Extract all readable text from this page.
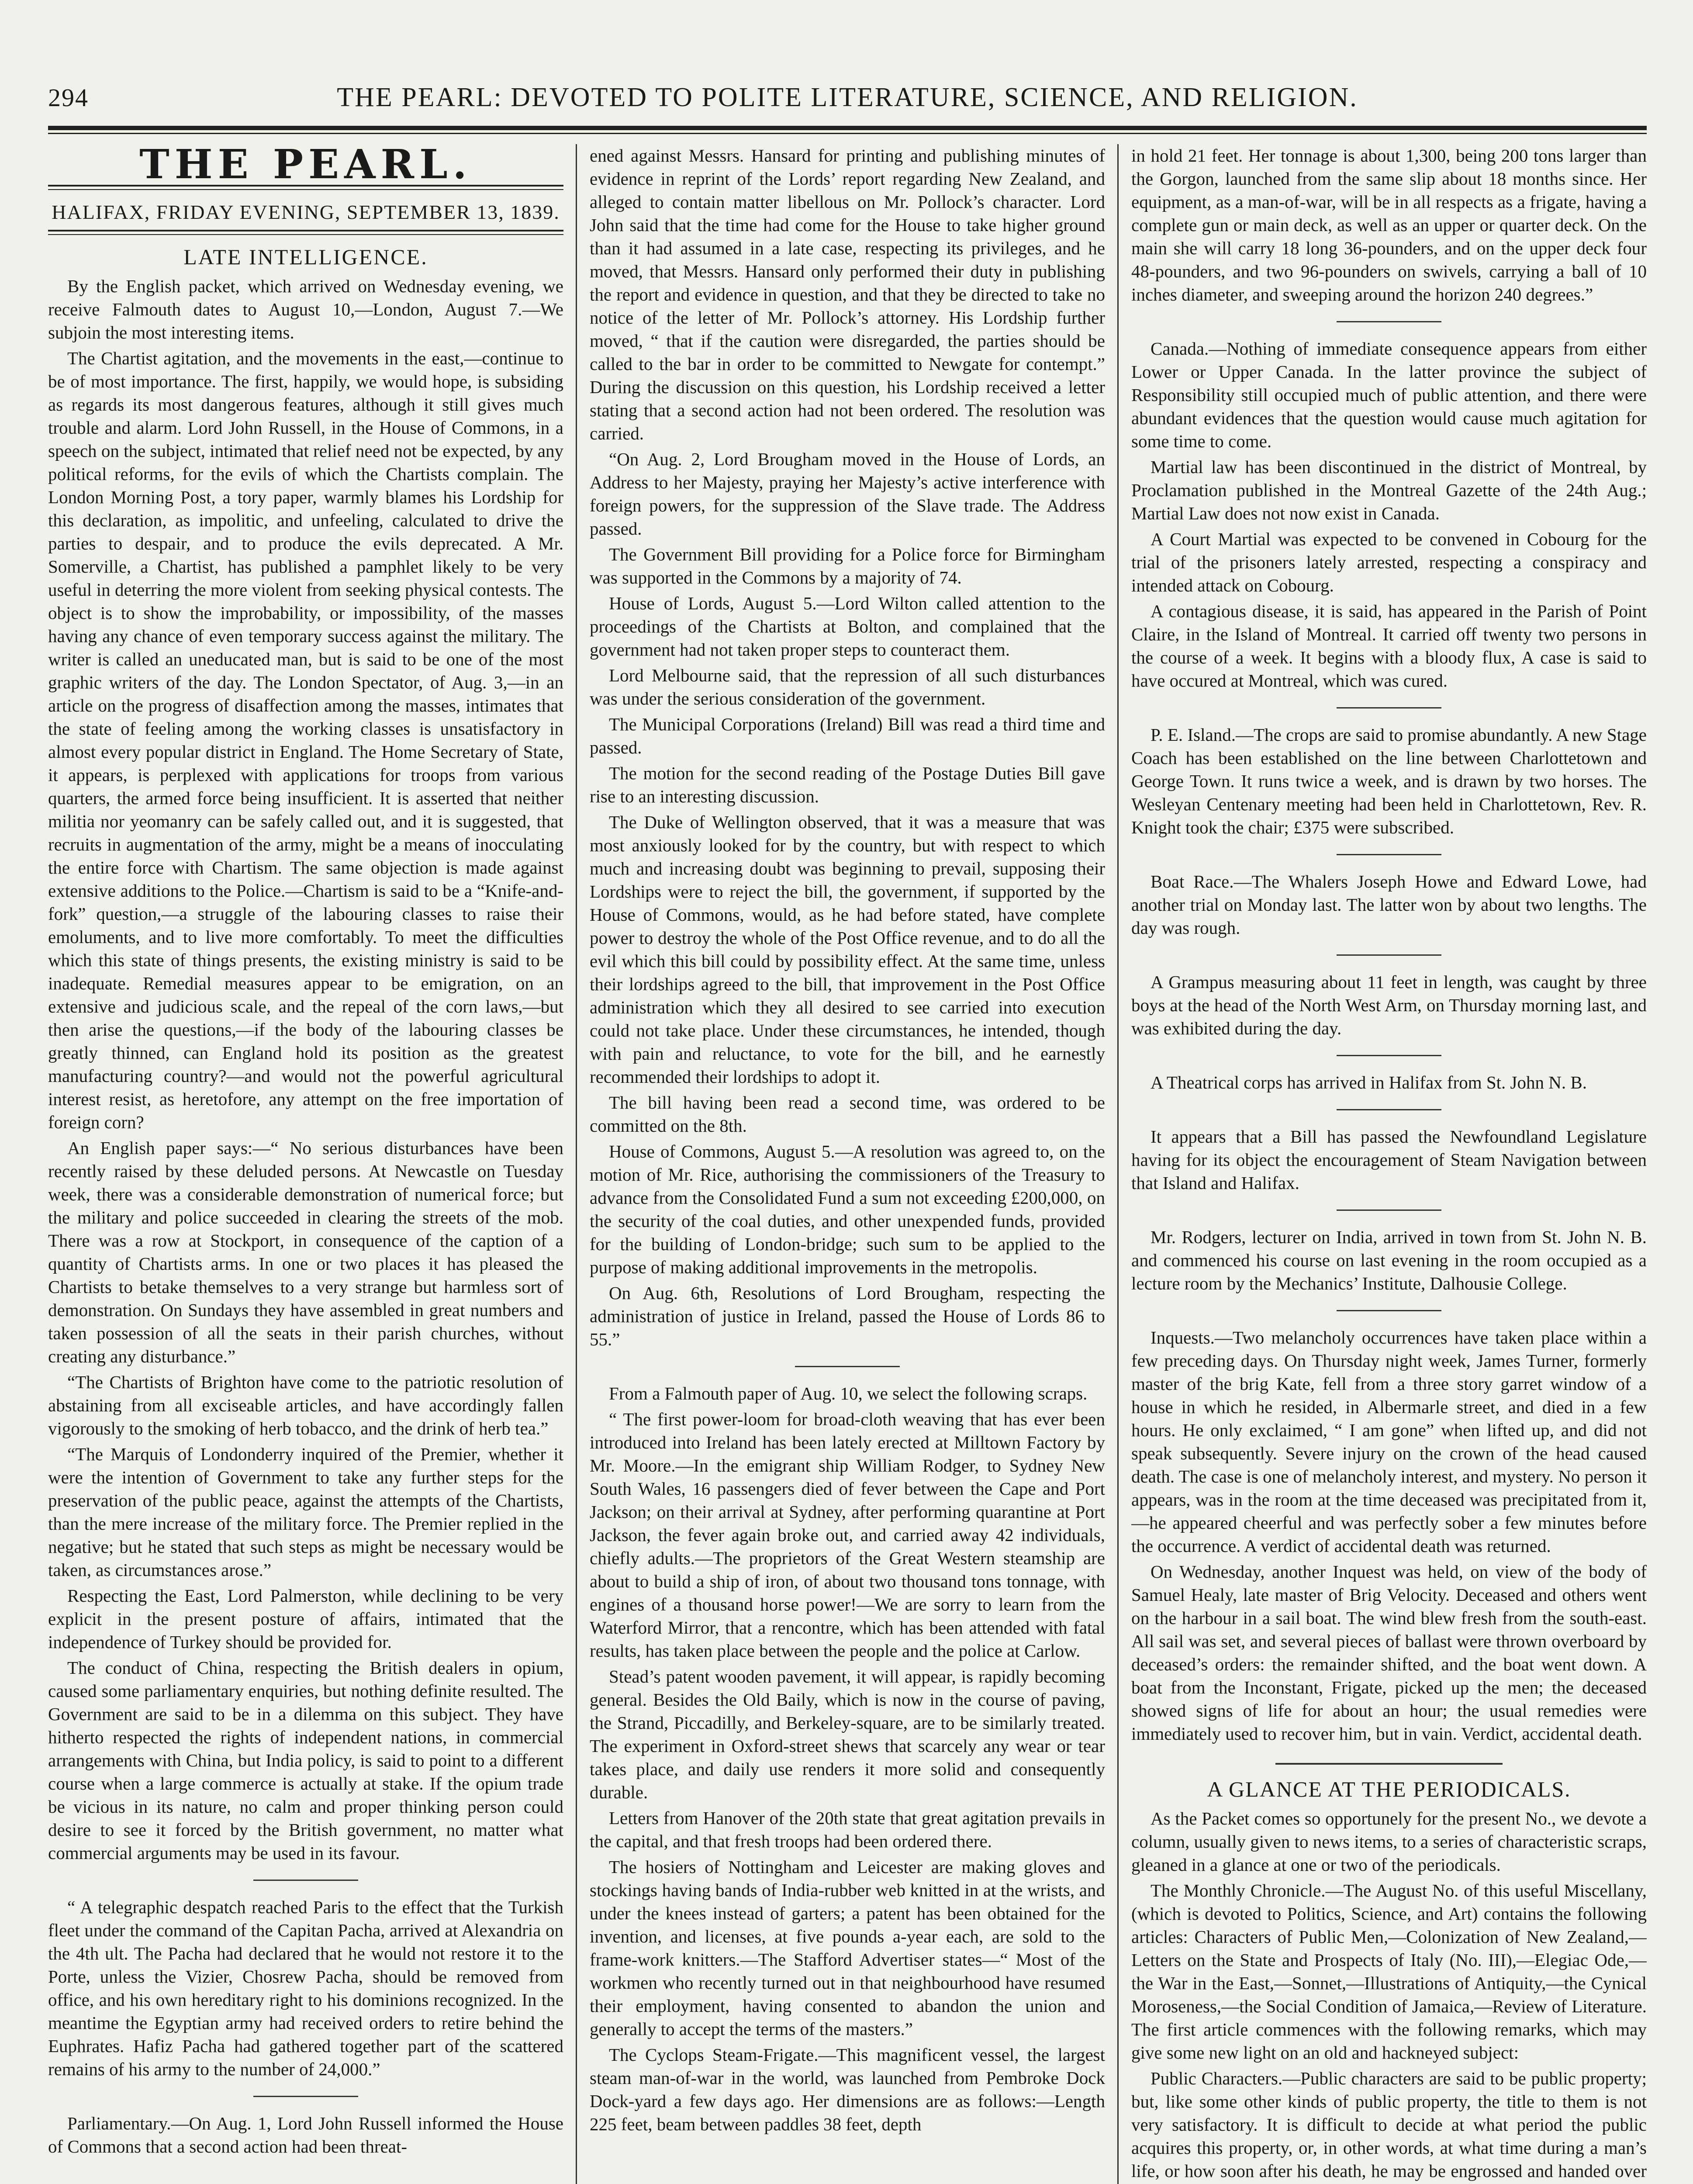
294	THE PEARL: DEVOTED TO POLITE LITERATURE, SCIENCE, AND RELIGION.
THE PEARL.
HALIFAX, FRIDAY EVENING, SEPTEMBER 13, 1839.
LATE INTELLIGENCE.

By the English packet, which arrived on Wednesday evening, we receive Falmouth dates to August 10,—London, August 7.—We subjoin the most interesting items.

The Chartist agitation, and the movements in the east,—continue to be of most importance. The first, happily, we would hope, is subsiding as regards its most dangerous features, although it still gives much trouble and alarm. Lord John Russell, in the House of Commons, in a speech on the subject, intimated that relief need not be expected, by any political reforms, for the evils of which the Chartists complain. The London Morning Post, a tory paper, warmly blames his Lordship for this declaration, as impolitic, and unfeeling, calculated to drive the parties to despair, and to produce the evils deprecated. A Mr. Somerville, a Chartist, has published a pamphlet likely to be very useful in deterring the more violent from seeking physical contests. The object is to show the improbability, or impossibility, of the masses having any chance of even temporary success against the military. The writer is called an uneducated man, but is said to be one of the most graphic writers of the day. The London Spectator, of Aug. 3,—in an article on the progress of disaffection among the masses, intimates that the state of feeling among the working classes is unsatisfactory in almost every popular district in England. The Home Secretary of State, it appears, is perplexed with applications for troops from various quarters, the armed force being insufficient. It is asserted that neither militia nor yeomanry can be safely called out, and it is suggested, that recruits in augmentation of the army, might be a means of inocculating the entire force with Chartism. The same objection is made against extensive additions to the Police.—Chartism is said to be a “Knife-and-fork” question,—a struggle of the labouring classes to raise their emoluments, and to live more comfortably. To meet the difficulties which this state of things presents, the existing ministry is said to be inadequate. Remedial measures appear to be emigration, on an extensive and judicious scale, and the repeal of the corn laws,—but then arise the questions,—if the body of the labouring classes be greatly thinned, can England hold its position as the greatest manufacturing country?—and would not the powerful agricultural interest resist, as heretofore, any attempt on the free importation of foreign corn?

An English paper says:—“ No serious disturbances have been recently raised by these deluded persons. At Newcastle on Tuesday week, there was a considerable demonstration of numerical force; but the military and police succeeded in clearing the streets of the mob. There was a row at Stockport, in consequence of the caption of a quantity of Chartists arms. In one or two places it has pleased the Chartists to betake themselves to a very strange but harmless sort of demonstration. On Sundays they have assembled in great numbers and taken possession of all the seats in their parish churches, without creating any disturbance.”

“The Chartists of Brighton have come to the patriotic resolution of abstaining from all exciseable articles, and have accordingly fallen vigorously to the smoking of herb tobacco, and the drink of herb tea.”

“The Marquis of Londonderry inquired of the Premier, whether it were the intention of Government to take any further steps for the preservation of the public peace, against the attempts of the Chartists, than the mere increase of the military force. The Premier replied in the negative; but he stated that such steps as might be necessary would be taken, as circumstances arose.”

Respecting the East, Lord Palmerston, while declining to be very explicit in the present posture of affairs, intimated that the independence of Turkey should be provided for.

The conduct of China, respecting the British dealers in opium, caused some parliamentary enquiries, but nothing definite resulted. The Government are said to be in a dilemma on this subject. They have hitherto respected the rights of independent nations, in commercial arrangements with China, but India policy, is said to point to a different course when a large commerce is actually at stake. If the opium trade be vicious in its nature, no calm and proper thinking person could desire to see it forced by the British government, no matter what commercial arguments may be used in its favour.

“ A telegraphic despatch reached Paris to the effect that the Turkish fleet under the command of the Capitan Pacha, arrived at Alexandria on the 4th ult. The Pacha had declared that he would not restore it to the Porte, unless the Vizier, Chosrew Pacha, should be removed from office, and his own hereditary right to his dominions recognized. In the meantime the Egyptian army had received orders to retire behind the Euphrates. Hafiz Pacha had gathered together part of the scattered remains of his army to the number of 24,000.”

Parliamentary.—On Aug. 1, Lord John Russell informed the House of Commons that a second action had been threat-

ened against Messrs. Hansard for printing and publishing minutes of evidence in reprint of the Lords’ report regarding New Zealand, and alleged to contain matter libellous on Mr. Pollock’s character. Lord John said that the time had come for the House to take higher ground than it had assumed in a late case, respecting its privileges, and he moved, that Messrs. Hansard only performed their duty in publishing the report and evidence in question, and that they be directed to take no notice of the letter of Mr. Pollock’s attorney. His Lordship further moved, “ that if the caution were disregarded, the parties should be called to the bar in order to be committed to Newgate for contempt.” During the discussion on this question, his Lordship received a letter stating that a second action had not been ordered. The resolution was carried.

“On Aug. 2, Lord Brougham moved in the House of Lords, an Address to her Majesty, praying her Majesty’s active interference with foreign powers, for the suppression of the Slave trade. The Address passed.

The Government Bill providing for a Police force for Birmingham was supported in the Commons by a majority of 74.

House of Lords, August 5.—Lord Wilton called attention to the proceedings of the Chartists at Bolton, and complained that the government had not taken proper steps to counteract them.

Lord Melbourne said, that the repression of all such disturbances was under the serious consideration of the government.

The Municipal Corporations (Ireland) Bill was read a third time and passed.

The motion for the second reading of the Postage Duties Bill gave rise to an interesting discussion.

The Duke of Wellington observed, that it was a measure that was most anxiously looked for by the country, but with respect to which much and increasing doubt was beginning to prevail, supposing their Lordships were to reject the bill, the government, if supported by the House of Commons, would, as he had before stated, have complete power to destroy the whole of the Post Office revenue, and to do all the evil which this bill could by possibility effect. At the same time, unless their lordships agreed to the bill, that improvement in the Post Office administration which they all desired to see carried into execution could not take place. Under these circumstances, he intended, though with pain and reluctance, to vote for the bill, and he earnestly recommended their lordships to adopt it.

The bill having been read a second time, was ordered to be committed on the 8th.

House of Commons, August 5.—A resolution was agreed to, on the motion of Mr. Rice, authorising the commissioners of the Treasury to advance from the Consolidated Fund a sum not exceeding £200,000, on the security of the coal duties, and other unexpended funds, provided for the building of London-bridge; such sum to be applied to the purpose of making additional improvements in the metropolis.

On Aug. 6th, Resolutions of Lord Brougham, respecting the administration of justice in Ireland, passed the House of Lords 86 to 55.”

From a Falmouth paper of Aug. 10, we select the following scraps.

“ The first power-loom for broad-cloth weaving that has ever been introduced into Ireland has been lately erected at Milltown Factory by Mr. Moore.—In the emigrant ship William Rodger, to Sydney New South Wales, 16 passengers died of fever between the Cape and Port Jackson; on their arrival at Sydney, after performing quarantine at Port Jackson, the fever again broke out, and carried away 42 individuals, chiefly adults.—The proprietors of the Great Western steamship are about to build a ship of iron, of about two thousand tons tonnage, with engines of a thousand horse power!—We are sorry to learn from the Waterford Mirror, that a rencontre, which has been attended with fatal results, has taken place between the people and the police at Carlow.

Stead’s patent wooden pavement, it will appear, is rapidly becoming general. Besides the Old Baily, which is now in the course of paving, the Strand, Piccadilly, and Berkeley-square, are to be similarly treated. The experiment in Oxford-street shews that scarcely any wear or tear takes place, and daily use renders it more solid and consequently durable.

Letters from Hanover of the 20th state that great agitation prevails in the capital, and that fresh troops had been ordered there.

The hosiers of Nottingham and Leicester are making gloves and stockings having bands of India-rubber web knitted in at the wrists, and under the knees instead of garters; a patent has been obtained for the invention, and licenses, at five pounds a-year each, are sold to the frame-work knitters.—The Stafford Advertiser states—“ Most of the workmen who recently turned out in that neighbourhood have resumed their employment, having consented to abandon the union and generally to accept the terms of the masters.”

The Cyclops Steam-Frigate.—This magnificent vessel, the largest steam man-of-war in the world, was launched from Pembroke Dock Dock-yard a few days ago. Her dimensions are as follows:—Length 225 feet, beam between paddles 38 feet, depth

in hold 21 feet. Her tonnage is about 1,300, being 200 tons larger than the Gorgon, launched from the same slip about 18 months since. Her equipment, as a man-of-war, will be in all respects as a frigate, having a complete gun or main deck, as well as an upper or quarter deck. On the main she will carry 18 long 36-pounders, and on the upper deck four 48-pounders, and two 96-pounders on swivels, carrying a ball of 10 inches diameter, and sweeping around the horizon 240 degrees.”

Canada.—Nothing of immediate consequence appears from either Lower or Upper Canada. In the latter province the subject of Responsibility still occupied much of public attention, and there were abundant evidences that the question would cause much agitation for some time to come.

Martial law has been discontinued in the district of Montreal, by Proclamation published in the Montreal Gazette of the 24th Aug.; Martial Law does not now exist in Canada.

A Court Martial was expected to be convened in Cobourg for the trial of the prisoners lately arrested, respecting a conspiracy and intended attack on Cobourg.

A contagious disease, it is said, has appeared in the Parish of Point Claire, in the Island of Montreal. It carried off twenty two persons in the course of a week. It begins with a bloody flux, A case is said to have occured at Montreal, which was cured.

P. E. Island.—The crops are said to promise abundantly. A new Stage Coach has been established on the line between Charlottetown and George Town. It runs twice a week, and is drawn by two horses. The Wesleyan Centenary meeting had been held in Charlottetown, Rev. R. Knight took the chair; £375 were subscribed.

Boat Race.—The Whalers Joseph Howe and Edward Lowe, had another trial on Monday last. The latter won by about two lengths. The day was rough.

A Grampus measuring about 11 feet in length, was caught by three boys at the head of the North West Arm, on Thursday morning last, and was exhibited during the day.

A Theatrical corps has arrived in Halifax from St. John N. B.

It appears that a Bill has passed the Newfoundland Legislature having for its object the encouragement of Steam Navigation between that Island and Halifax.

Mr. Rodgers, lecturer on India, arrived in town from St. John N. B. and commenced his course on last evening in the room occupied as a lecture room by the Mechanics’ Institute, Dalhousie College.

Inquests.—Two melancholy occurrences have taken place within a few preceding days. On Thursday night week, James Turner, formerly master of the brig Kate, fell from a three story garret window of a house in which he resided, in Albermarle street, and died in a few hours. He only exclaimed, “ I am gone” when lifted up, and did not speak subsequently. Severe injury on the crown of the head caused death. The case is one of melancholy interest, and mystery. No person it appears, was in the room at the time deceased was precipitated from it,—he appeared cheerful and was perfectly sober a few minutes before the occurrence. A verdict of accidental death was returned.

On Wednesday, another Inquest was held, on view of the body of Samuel Healy, late master of Brig Velocity. Deceased and others went on the harbour in a sail boat. The wind blew fresh from the south-east. All sail was set, and several pieces of ballast were thrown overboard by deceased’s orders: the remainder shifted, and the boat went down. A boat from the Inconstant, Frigate, picked up the men; the deceased showed signs of life for about an hour; the usual remedies were immediately used to recover him, but in vain. Verdict, accidental death.

A GLANCE AT THE PERIODICALS.

As the Packet comes so opportunely for the present No., we devote a column, usually given to news items, to a series of characteristic scraps, gleaned in a glance at one or two of the periodicals.

The Monthly Chronicle.—The August No. of this useful Miscellany, (which is devoted to Politics, Science, and Art) contains the following articles: Characters of Public Men,—Colonization of New Zealand,—Letters on the State and Prospects of Italy (No. III),—Elegiac Ode,—the War in the East,—Sonnet,—Illustrations of Antiquity,—the Cynical Moroseness,—the Social Condition of Jamaica,—Review of Literature. The first article commences with the following remarks, which may give some new light on an old and hackneyed subject:

Public Characters.—Public characters are said to be public property; but, like some other kinds of public property, the title to them is not very satisfactory. It is difficult to decide at what period the public acquires this property, or, in other words, at what time during a man’s life, or how soon after his death, he may be engrossed and handed over
